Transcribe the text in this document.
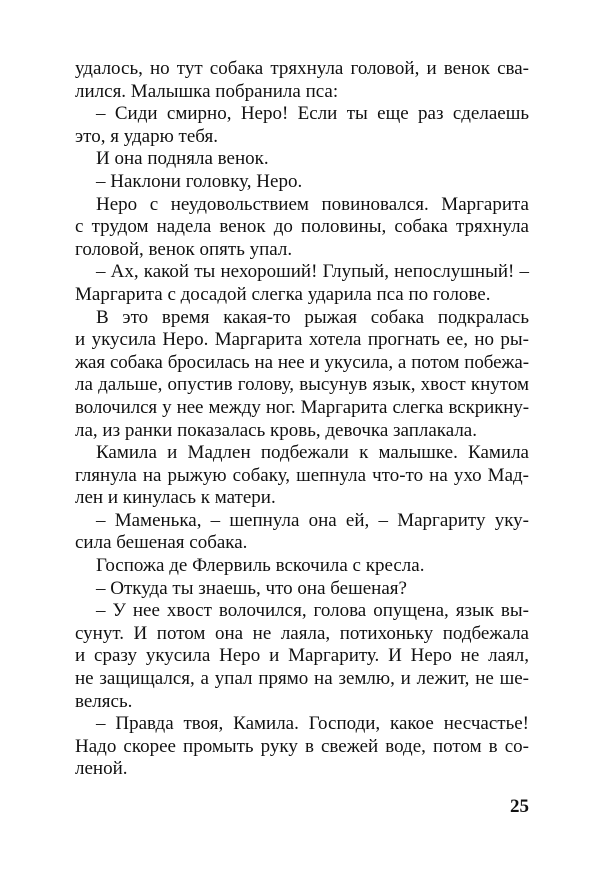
удалось, но тут собака тряхнула головой, и венок сва-
лился. Малышка побранила пса:
– Сиди смирно, Неро! Если ты еще раз сделаешь
это, я ударю тебя.
И она подняла венок.
– Наклони головку, Неро.
Неро с неудовольствием повиновался. Маргарита
с трудом надела венок до половины, собака тряхнула
головой, венок опять упал.
– Ах, какой ты нехороший! Глупый, непослушный! –
Маргарита с досадой слегка ударила пса по голове.
В это время какая-то рыжая собака подкралась
и укусила Неро. Маргарита хотела прогнать ее, но ры-
жая собака бросилась на нее и укусила, а потом побежа-
ла дальше, опустив голову, высунув язык, хвост кнутом
волочился у нее между ног. Маргарита слегка вскрикну-
ла, из ранки показалась кровь, девочка заплакала.
Камила и Мадлен подбежали к малышке. Камила
глянула на рыжую собаку, шепнула что-то на ухо Мад-
лен и кинулась к матери.
– Маменька, – шепнула она ей, – Маргариту уку-
сила бешеная собака.
Госпожа де Флервиль вскочила с кресла.
– Откуда ты знаешь, что она бешеная?
– У нее хвост волочился, голова опущена, язык вы-
сунут. И потом она не лаяла, потихоньку подбежала
и сразу укусила Неро и Маргариту. И Неро не лаял,
не защищался, а упал прямо на землю, и лежит, не ше-
велясь.
– Правда твоя, Камила. Господи, какое несчастье!
Надо скорее промыть руку в свежей воде, потом в со-
леной.
25
